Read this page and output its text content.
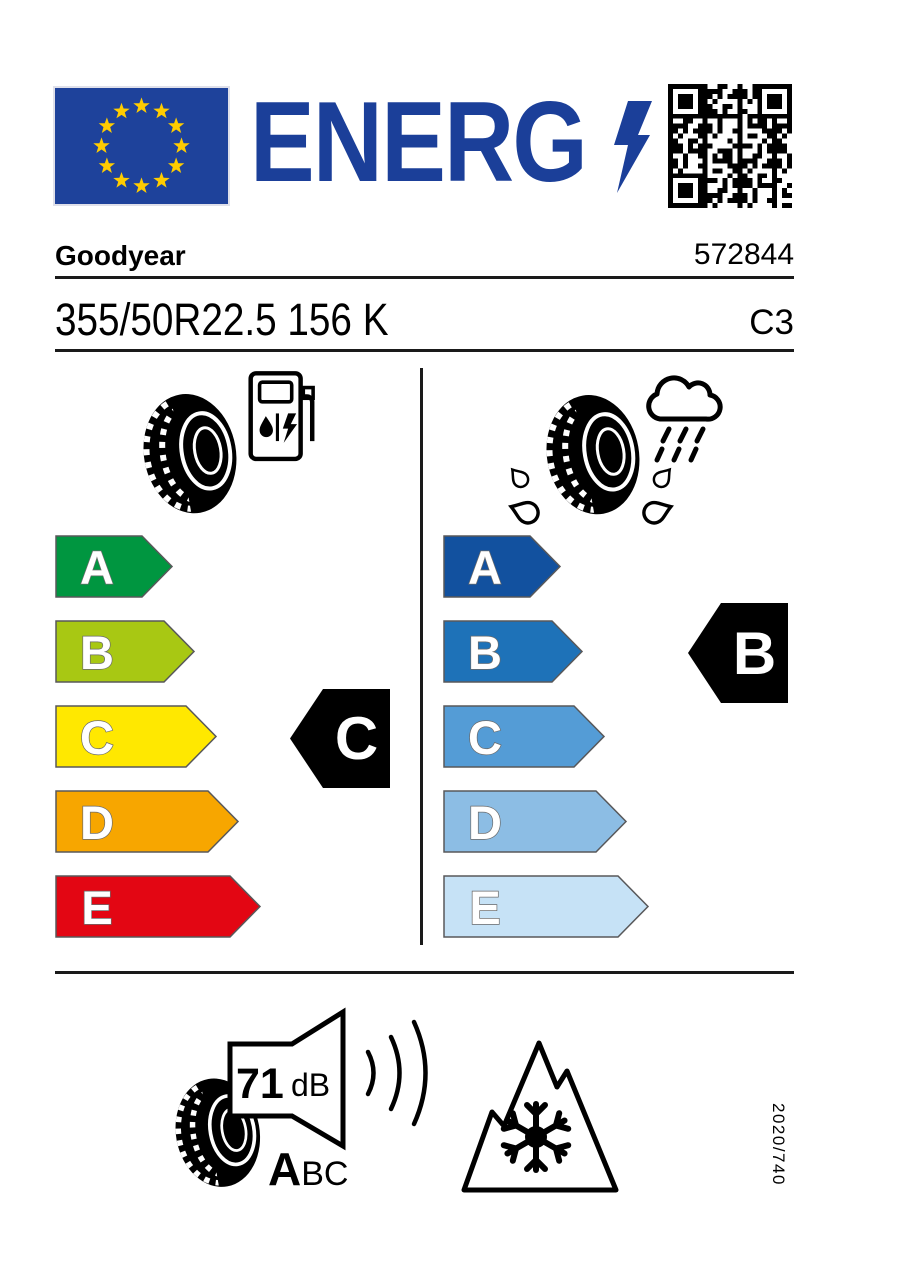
ENERG
Goodyear	572844
355/50R22.5 156 K	C3
A
B
C
D
E
A
B
C
D
E
C
B
71 dB
A BC	2020/740
